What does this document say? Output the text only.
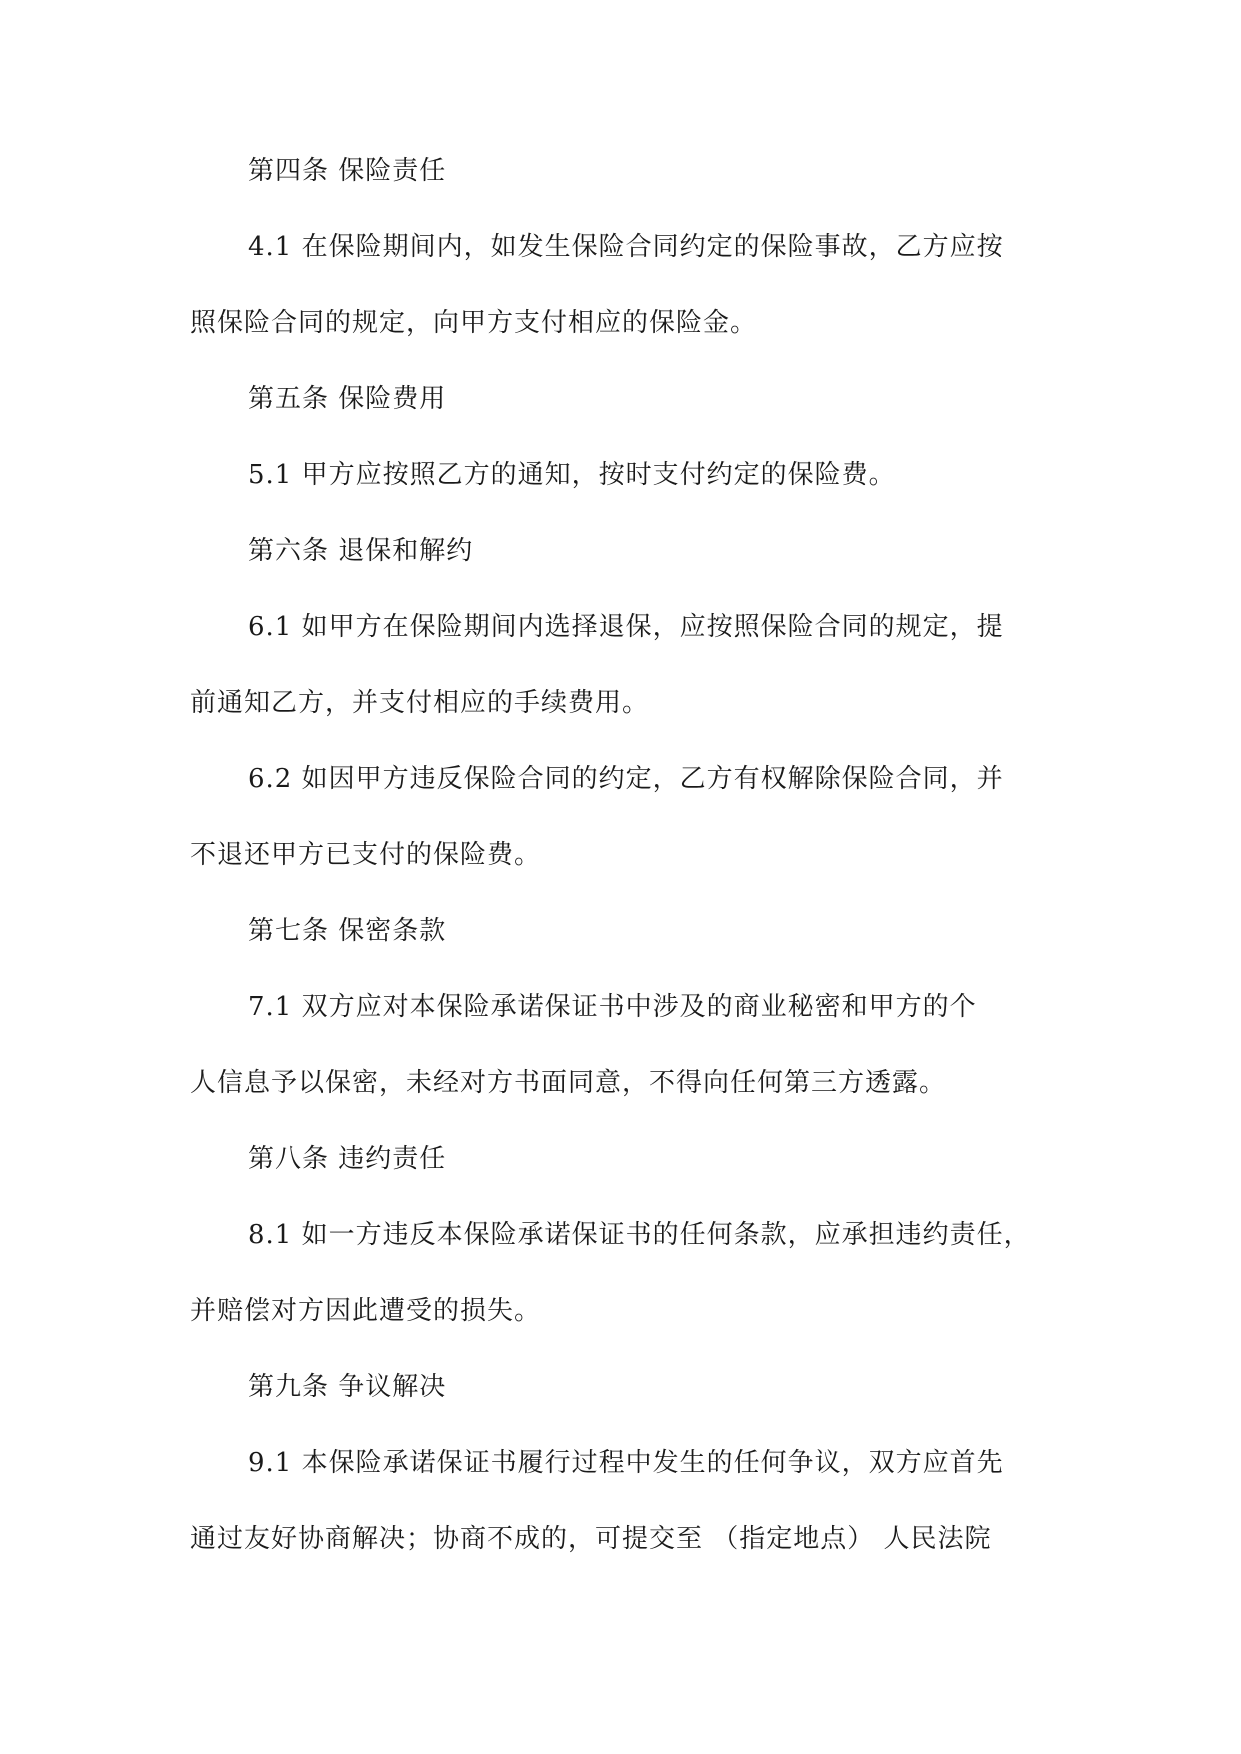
第四条 保险责任
4.1 在保险期间内，如发生保险合同约定的保险事故，乙方应按
照保险合同的规定，向甲方支付相应的保险金。
第五条 保险费用
5.1 甲方应按照乙方的通知，按时支付约定的保险费。
第六条 退保和解约
6.1 如甲方在保险期间内选择退保，应按照保险合同的规定，提
前通知乙方，并支付相应的手续费用。
6.2 如因甲方违反保险合同的约定，乙方有权解除保险合同，并
不退还甲方已支付的保险费。
第七条 保密条款
7.1 双方应对本保险承诺保证书中涉及的商业秘密和甲方的个
人信息予以保密，未经对方书面同意，不得向任何第三方透露。
第八条 违约责任
8.1 如一方违反本保险承诺保证书的任何条款，应承担违约责任，
并赔偿对方因此遭受的损失。
第九条 争议解决
9.1 本保险承诺保证书履行过程中发生的任何争议，双方应首先
通过友好协商解决；协商不成的，可提交至 （指定地点） 人民法院
